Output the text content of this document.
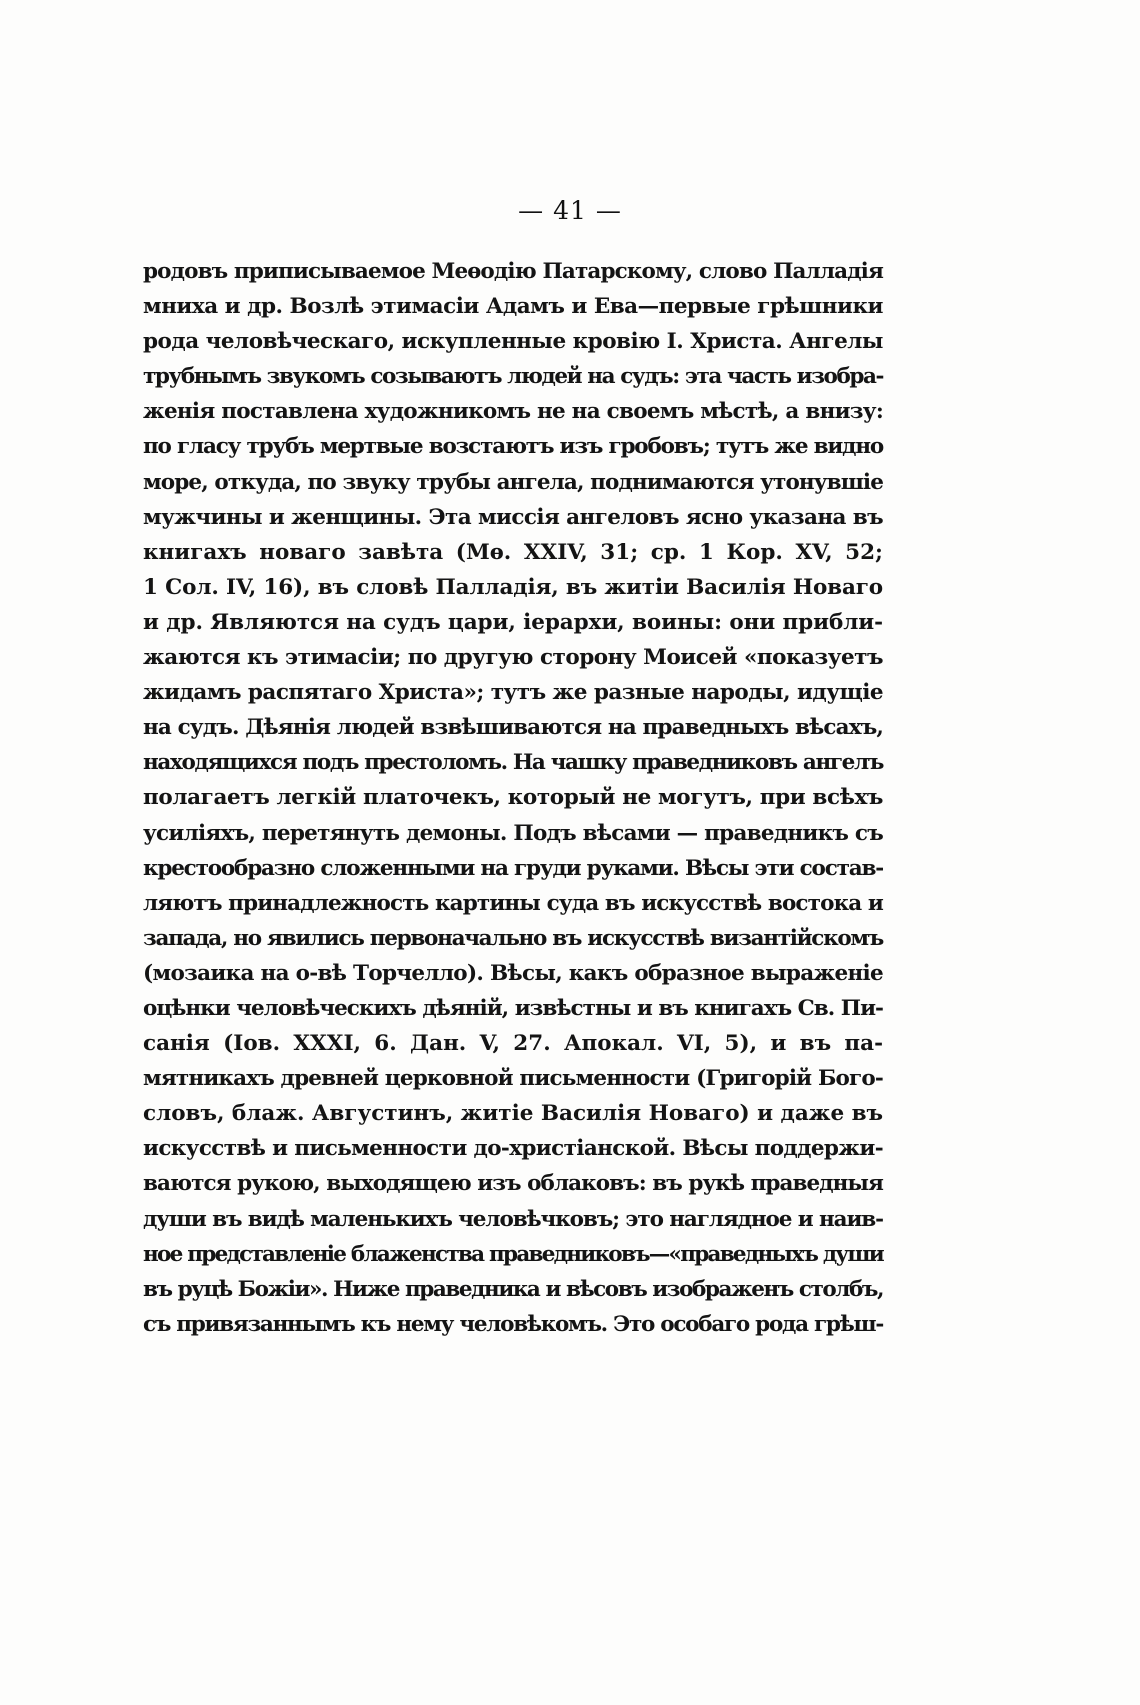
— 41 —
родовъ приписываемое Меѳодію Патарскому, слово Палладія
мниха и др. Возлѣ этимасіи Адамъ и Ева—первые грѣшники
рода человѣческаго, искупленные кровію І. Христа. Ангелы
трубнымъ звукомъ созываютъ людей на судъ: эта часть изобра-
женія поставлена художникомъ не на своемъ мѣстѣ, а внизу:
по гласу трубъ мертвые возстаютъ изъ гробовъ; тутъ же видно
море, откуда, по звуку трубы ангела, поднимаются утонувшіе
мужчины и женщины. Эта миссія ангеловъ ясно указана въ
книгахъ новаго завѣта (Мѳ. XXIV, 31; ср. 1 Кор. XV, 52;
1 Сол. IV, 16), въ словѣ Палладія, въ житіи Василія Новаго
и др. Являются на судъ цари, іерархи, воины: они прибли-
жаются къ этимасіи; по другую сторону Моисей «показуетъ
жидамъ распятаго Христа»; тутъ же разные народы, идущіе
на судъ. Дѣянія людей взвѣшиваются на праведныхъ вѣсахъ,
находящихся подъ престоломъ. На чашку праведниковъ ангелъ
полагаетъ легкій платочекъ, который не могутъ, при всѣхъ
усиліяхъ, перетянуть демоны. Подъ вѣсами — праведникъ съ
крестообразно сложенными на груди руками. Вѣсы эти состав-
ляютъ принадлежность картины суда въ искусствѣ востока и
запада, но явились первоначально въ искусствѣ византійскомъ
(мозаика на о-вѣ Торчелло). Вѣсы, какъ образное выраженіе
оцѣнки человѣческихъ дѣяній, извѣстны и въ книгахъ Св. Пи-
санія (Іов. XXXI, 6. Дан. V, 27. Апокал. VI, 5), и въ па-
мятникахъ древней церковной письменности (Григорій Бого-
словъ, блаж. Августинъ, житіе Василія Новаго) и даже въ
искусствѣ и письменности до-христіанской. Вѣсы поддержи-
ваются рукою, выходящею изъ облаковъ: въ рукѣ праведныя
души въ видѣ маленькихъ человѣчковъ; это наглядное и наив-
ное представленіе блаженства праведниковъ—«праведныхъ души
въ руцѣ Божіи». Ниже праведника и вѣсовъ изображенъ столбъ,
съ привязаннымъ къ нему человѣкомъ. Это особаго рода грѣш-
